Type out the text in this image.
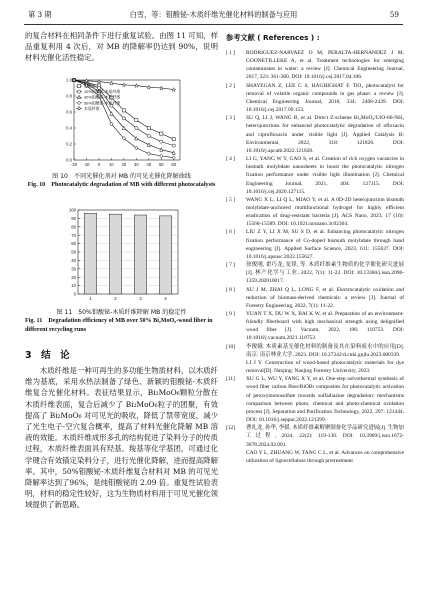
第 3 期	白雪，等：钼酸铋-木质纤维光催化材料的制备与应用	59

的复合材料在相同条件下进行重复试验。由图 11 可知，样品重复利用 4 次后，对 MB 的降解率仍达到 90%，说明材料光催化活性稳定。

0.0
0.2
0.4
0.6
0.8
1.0
-20 -10 0 10 20 30 40 50 60
钼酸铋
10%钼酸铋-木质纤维
30%钼酸铋-木质纤维
50%钼酸铋-木质纤维
木质纤维
图 10　不同光催化剂对 MB 的可见光催化降解曲线
Fig. 10　Photocatalytic degradation of MB with different photocatalysts
0
10
20
30
40
50
60
70
80
90
100
1	2	3	4
图 11　50%钼酸铋-木质纤维降解 MB 的稳定性
Fig. 11　Degradation efficiency of MB over 50% Bi₂MoO₆-wood fiber in different recycling runs
3　结　论

木质纤维是一种可再生的多功能生物质材料，以木质纤维为基底，采用水热法制备了绿色、新颖的钼酸铋-木质纤维复合光催化材料。表征结果显示，Bi₂MoO₆颗粒分散在木质纤维表面，复合后减少了 Bi₂MoO₆粒子的团聚，有效提高了 Bi₂MoO₆ 对可见光的吸收，降低了禁带宽度，减少了光生电子-空穴复合概率，提高了材料光催化降解 MB 溶液的效能。木质纤维成形多孔的结构促进了染料分子的传质过程，木质纤维表面具有羟基、羧基等化学基团，可通过化学键合有效锚定染料分子，进行光催化降解，进而提高降解率。其中，50%钼酸铋-木质纤维复合材料对 MB 的可见光降解率达到了96%，是纯钼酸铋的 2.09 倍。重复性试验表明，材料的稳定性较好，这为生物质材料用于可见光催化领域提供了新思路。

参考文献 ( References ) :
[ 1 ]	RODRIGUEZ-NARVAEZ O M, PERALTA-HERNANDEZ J M, GOONETILLEKE A, et al. Treatment technologies for emerging contaminants in water: a review [J]. Chemical Engineering Journal, 2017, 323: 361-380. DOI: 10.1016/j.cej.2017.04.106.
[ 2 ]	SHAYEGAN Z, LEE C S, HAGHIGHAT F. TiO₂ photocatalyst for removal of volatile organic compounds in gas phase: a review [J]. Chemical Engineering Journal, 2018, 334: 2408-2439. DOI: 10.1016/j.cej.2017.09.153.
[ 3 ]	SU Q, LI J, WANG B, et al. Direct Z-scheme Bi₂MoO₆/UiO-66-NH₂ heterojunctions for enhanced photocatalytic degradation of ofloxacin and ciprofloxacin under visible light [J]. Applied Catalysis B: Environmental, 2022, 318: 121820. DOI: 10.1016/j.apcatb.2022.121820.
[ 4 ]	LI G, YANG W Y, GAO S, et al. Creation of rich oxygen vacancies in bismuth molybdate nanosheets to boost the photocatalytic nitrogen fixation performance under visible light illumination [J]. Chemical Engineering Journal, 2021, 404: 127115. DOI: 10.1016/j.cej.2020.127115.
[ 5 ]	WANG X L, LI Q L, MIAO Y, et al. A 0D-2D heterojunction bismuth molybdate-anchored multifunctional hydrogel for highly efficient eradication of drug-resistant bacteria [J]. ACS Nano, 2023, 17 (16): 15568-15589. DOI: 10.1021/acsnano.3c02304.
[ 6 ]	LIU Z Y, LI X M, SU S D, et al. Enhancing photocatalytic nitrogen fixation performance of Co-doped bismuth molybdate through band engineering [J]. Applied Surface Science, 2023, 611: 155627. DOI: 10.1016/j.apsusc.2022.155627.
[ 7 ]	徐俊刚, 翟巧龙, 龙锋, 等. 木质纤维素生物质的化学催化研究进展[J]. 林产化学与工业, 2022, 7(1): 11-22. DOI: 10.13360/j.issn.2096-1359.202010017.
[ 8 ]	XU J M, ZHAI Q L, LONG F, et al. Electrocatalytic oxidation and reduction of biomass-derived chemicals: a review [J]. Journal of Forestry Engineering, 2022, 7(1): 11-22.
[ 9 ]	YUAN T X, DU W X, BAI K W, et al. Preparation of an environment-friendly fiberboard with high mechanical strength using delignified wood fiber [J]. Vacuum, 2022, 196: 110753. DOI: 10.1016/j.vacuum.2021.110753.
[10]	李俊娥. 木质素基光催化材料的制备及其在染料废水中的应用[D]. 南京: 南京林业大学, 2023. DOI: 10.27242/d.cnki.gnjlu.2023.000339.
LI J Y. Construction of wood-based photocatalytic materials for dye removal[D]. Nanjing: Nanjing Forestry University, 2023.
[11]	XU G L, WU Y, FANG X Y, et al. One-step solvothermal synthesis of wood fiber carbon fiber/BiOBr composites for photocatalytic activation of peroxymonosulfate towards sulfadiazine degradation: mechanisms comparison between photo, chemical and photo-chemical oxidation process [J]. Separation and Purification Technology, 2022, 297: 121444. DOI: 10.1016/j.seppur.2022.121399.
[12]	曹礼龙, 孙华, 李媛. 木质纤维素解聚制备化学品研究进展[J]. 生物加工过程, 2024, 22(2): 119-130. DOI: 10.3969/j.issn.1672-3678.2024.02.001.
CAO Y L, ZHUANG W, TANG C L, et al. Advances on comprehensive utilization of lignocellulose through pretreatment
